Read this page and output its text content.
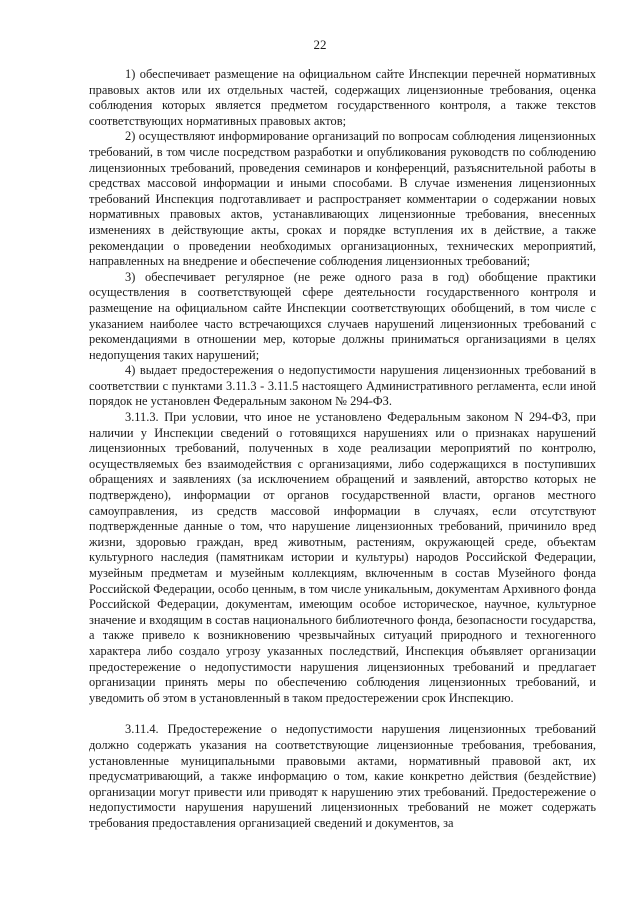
22

1) обеспечивает размещение на официальном сайте Инспекции перечней нормативных правовых актов или их отдельных частей, содержащих лицензионные требования, оценка соблюдения которых является предметом государственного контроля, а также текстов соответствующих нормативных правовых актов;

2) осуществляют информирование организаций по вопросам соблюдения лицензионных требований, в том числе посредством разработки и опубликования руководств по соблюдению лицензионных требований, проведения семинаров и конференций, разъяснительной работы в средствах массовой информации и иными способами. В случае изменения лицензионных требований Инспекция подготавливает и распространяет комментарии о содержании новых нормативных правовых актов, устанавливающих лицензионные требования, внесенных изменениях в действующие акты, сроках и порядке вступления их в действие, а также рекомендации о проведении необходимых организационных, технических мероприятий, направленных на внедрение и обеспечение соблюдения лицензионных требований;

3) обеспечивает регулярное (не реже одного раза в год) обобщение практики осуществления в соответствующей сфере деятельности государственного контроля и размещение на официальном сайте Инспекции соответствующих обобщений, в том числе с указанием наиболее часто встречающихся случаев нарушений лицензионных требований с рекомендациями в отношении мер, которые должны приниматься организациями в целях недопущения таких нарушений;

4) выдает предостережения о недопустимости нарушения лицензионных требований в соответствии с пунктами 3.11.3 - 3.11.5 настоящего Административного регламента, если иной порядок не установлен Федеральным законом № 294-ФЗ.

3.11.3. При условии, что иное не установлено Федеральным законом N 294-ФЗ, при наличии у Инспекции сведений о готовящихся нарушениях или о признаках нарушений лицензионных требований, полученных в ходе реализации мероприятий по контролю, осуществляемых без взаимодействия с организациями, либо содержащихся в поступивших обращениях и заявлениях (за исключением обращений и заявлений, авторство которых не подтверждено), информации от органов государственной власти, органов местного самоуправления, из средств массовой информации в случаях, если отсутствуют подтвержденные данные о том, что нарушение лицензионных требований, причинило вред жизни, здоровью граждан, вред животным, растениям, окружающей среде, объектам культурного наследия (памятникам истории и культуры) народов Российской Федерации, музейным предметам и музейным коллекциям, включенным в состав Музейного фонда Российской Федерации, особо ценным, в том числе уникальным, документам Архивного фонда Российской Федерации, документам, имеющим особое историческое, научное, культурное значение и входящим в состав национального библиотечного фонда, безопасности государства, а также привело к возникновению чрезвычайных ситуаций природного и техногенного характера либо создало угрозу указанных последствий, Инспекция объявляет организации предостережение о недопустимости нарушения лицензионных требований и предлагает организации принять меры по обеспечению соблюдения лицензионных требований, и уведомить об этом в установленный в таком предостережении срок Инспекцию.

3.11.4. Предостережение о недопустимости нарушения лицензионных требований должно содержать указания на соответствующие лицензионные требования, требования, установленные муниципальными правовыми актами, нормативный правовой акт, их предусматривающий, а также информацию о том, какие конкретно действия (бездействие) организации могут привести или приводят к нарушению этих требований. Предостережение о недопустимости нарушения нарушений лицензионных требований не может содержать требования предоставления организацией сведений и документов, за
